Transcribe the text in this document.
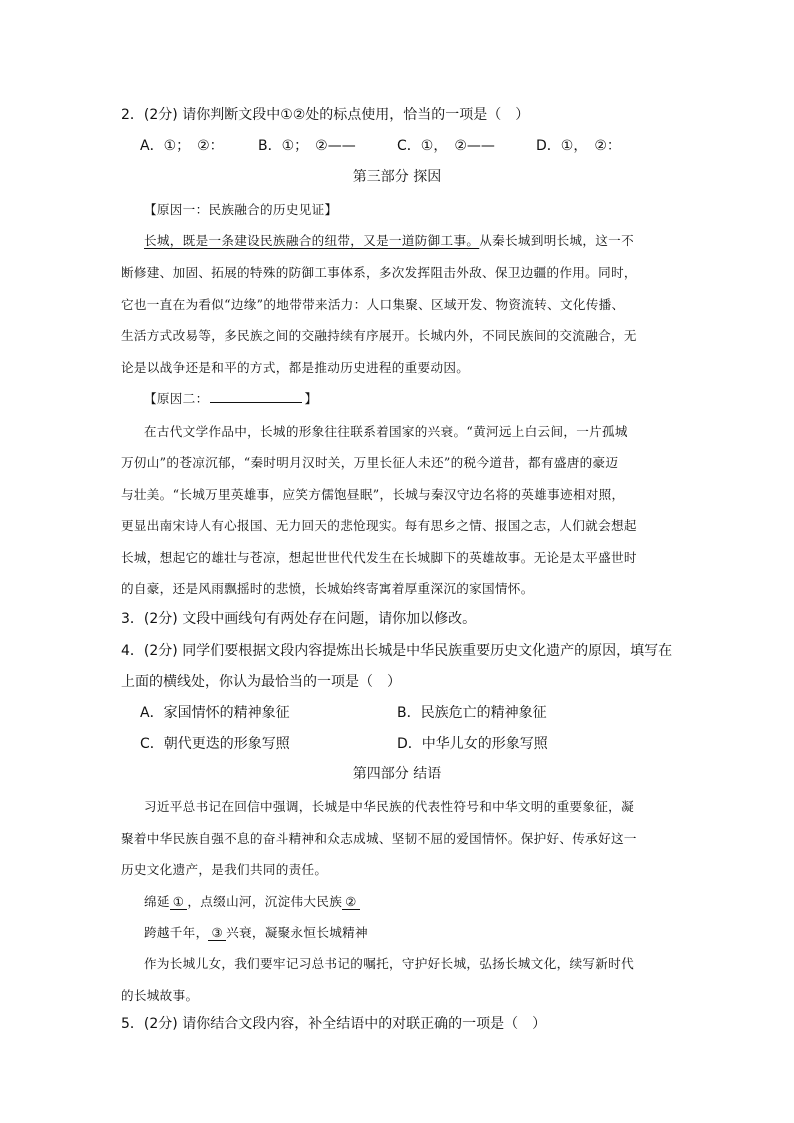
2．(2分) 请你判断文段中①②处的标点使用，恰当的一项是（　）
A．①；　②： B．①；　②——	C．①，　②——	D．①，　②：
第三部分 探因
【原因一：民族融合的历史见证】
长城，既是一条建设民族融合的纽带，又是一道防御工事。从秦长城到明长城，这一不
断修建、加固、拓展的特殊的防御工事体系，多次发挥阻击外敌、保卫边疆的作用。同时，
它也一直在为看似“边缘”的地带带来活力：人口集聚、区域开发、物资流转、文化传播、
生活方式改易等，多民族之间的交融持续有序展开。长城内外，不同民族间的交流融合，无
论是以战争还是和平的方式，都是推动历史进程的重要动因。
【原因二：	】
在古代文学作品中，长城的形象往往联系着国家的兴衰。“黄河远上白云间，一片孤城
万仞山”的苍凉沉郁，“秦时明月汉时关，万里长征人未还”的税今道昔，都有盛唐的豪迈
与壮美。“长城万里英雄事，应笑方儒饱昼眠”，长城与秦汉守边名将的英雄事迹相对照，
更显出南宋诗人有心报国、无力回天的悲怆现实。每有思乡之情、报国之志，人们就会想起
长城，想起它的雄壮与苍凉，想起世世代代发生在长城脚下的英雄故事。无论是太平盛世时
的自豪，还是风雨飘摇时的悲愤，长城始终寄寓着厚重深沉的家国情怀。
3．(2分) 文段中画线句有两处存在问题，请你加以修改。
4．(2分) 同学们要根据文段内容提炼出长城是中华民族重要历史文化遗产的原因，填写在
上面的横线处，你认为最恰当的一项是（　）
A．家国情怀的精神象征	B．民族危亡的精神象征
C．朝代更迭的形象写照	D．中华儿女的形象写照
第四部分 结语
习近平总书记在回信中强调，长城是中华民族的代表性符号和中华文明的重要象征，凝
聚着中华民族自强不息的奋斗精神和众志成城、坚韧不屈的爱国情怀。保护好、传承好这一
历史文化遗产，是我们共同的责任。
绵延 ① ，点缀山河，沉淀伟大民族 ②
跨越千年， ③ 兴衰，凝聚永恒长城精神
作为长城儿女，我们要牢记习总书记的嘱托，守护好长城，弘扬长城文化，续写新时代
的长城故事。
5．(2分) 请你结合文段内容，补全结语中的对联正确的一项是（　）
